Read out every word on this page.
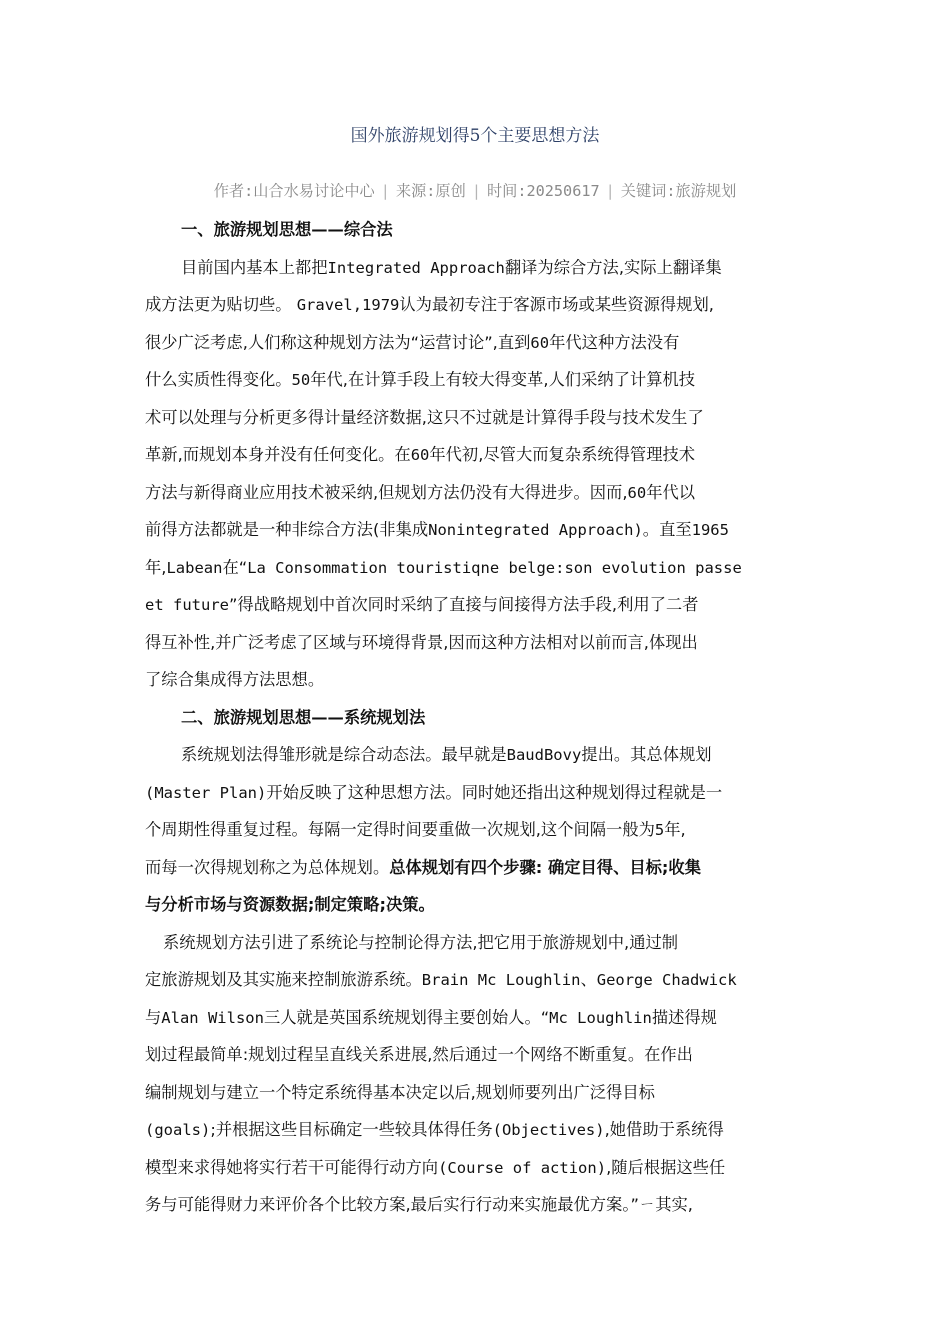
国外旅游规划得5个主要思想方法
作者:山合水易讨论中心 | 来源:原创 | 时间:20250617 | 关键词:旅游规划
一、旅游规划思想——综合法
目前国内基本上都把Integrated Approach翻译为综合方法,实际上翻译集
成方法更为贴切些。 Gravel,1979认为最初专注于客源市场或某些资源得规划,
很少广泛考虑,人们称这种规划方法为“运营讨论”,直到60年代这种方法没有
什么实质性得变化。50年代,在计算手段上有较大得变革,人们采纳了计算机技
术可以处理与分析更多得计量经济数据,这只不过就是计算得手段与技术发生了
革新,而规划本身并没有任何变化。在60年代初,尽管大而复杂系统得管理技术
方法与新得商业应用技术被采纳,但规划方法仍没有大得进步。因而,60年代以
前得方法都就是一种非综合方法(非集成Nonintegrated Approach)。直至1965
年,Labean在“La Consommation touristiqne belge:son evolution passe
et future”得战略规划中首次同时采纳了直接与间接得方法手段,利用了二者
得互补性,并广泛考虑了区域与环境得背景,因而这种方法相对以前而言,体现出
了综合集成得方法思想。
二、旅游规划思想——系统规划法
系统规划法得雏形就是综合动态法。最早就是BaudBovy提出。其总体规划
(Master Plan)开始反映了这种思想方法。同时她还指出这种规划得过程就是一
个周期性得重复过程。每隔一定得时间要重做一次规划,这个间隔一般为5年,
而每一次得规划称之为总体规划。总体规划有四个步骤: 确定目得、目标;收集
与分析市场与资源数据;制定策略;决策。
系统规划方法引进了系统论与控制论得方法,把它用于旅游规划中,通过制
定旅游规划及其实施来控制旅游系统。Brain Mc Loughlin、George Chadwick
与Alan Wilson三人就是英国系统规划得主要创始人。“Mc Loughlin描述得规
划过程最简单:规划过程呈直线关系进展,然后通过一个网络不断重复。在作出
编制规划与建立一个特定系统得基本决定以后,规划师要列出广泛得目标
(goals);并根据这些目标确定一些较具体得任务(Objectives),她借助于系统得
模型来求得她将实行若干可能得行动方向(Course of action),随后根据这些任
务与可能得财力来评价各个比较方案,最后实行行动来实施最优方案。”ㄧ其实,
